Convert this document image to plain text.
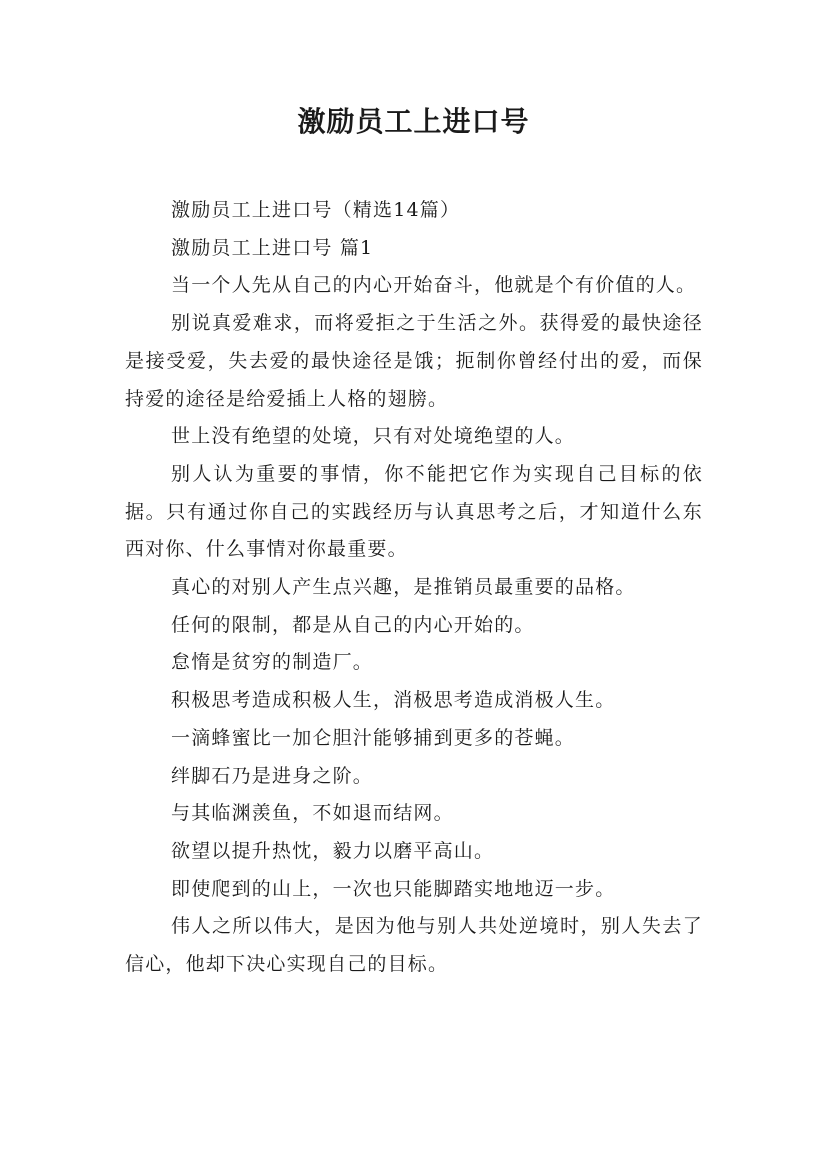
激励员工上进口号

激励员工上进口号（精选14篇）

激励员工上进口号 篇1

当一个人先从自己的内心开始奋斗，他就是个有价值的人。

别说真爱难求，而将爱拒之于生活之外。获得爱的最快途径是接受爱，失去爱的最快途径是饿；扼制你曾经付出的爱，而保持爱的途径是给爱插上人格的翅膀。

世上没有绝望的处境，只有对处境绝望的人。

别人认为重要的事情，你不能把它作为实现自己目标的依据。只有通过你自己的实践经历与认真思考之后，才知道什么东西对你、什么事情对你最重要。

真心的对别人产生点兴趣，是推销员最重要的品格。

任何的限制，都是从自己的内心开始的。

怠惰是贫穷的制造厂。

积极思考造成积极人生，消极思考造成消极人生。

一滴蜂蜜比一加仑胆汁能够捕到更多的苍蝇。

绊脚石乃是进身之阶。

与其临渊羡鱼，不如退而结网。

欲望以提升热忱，毅力以磨平高山。

即使爬到的山上，一次也只能脚踏实地地迈一步。

伟人之所以伟大，是因为他与别人共处逆境时，别人失去了信心，他却下决心实现自己的目标。
